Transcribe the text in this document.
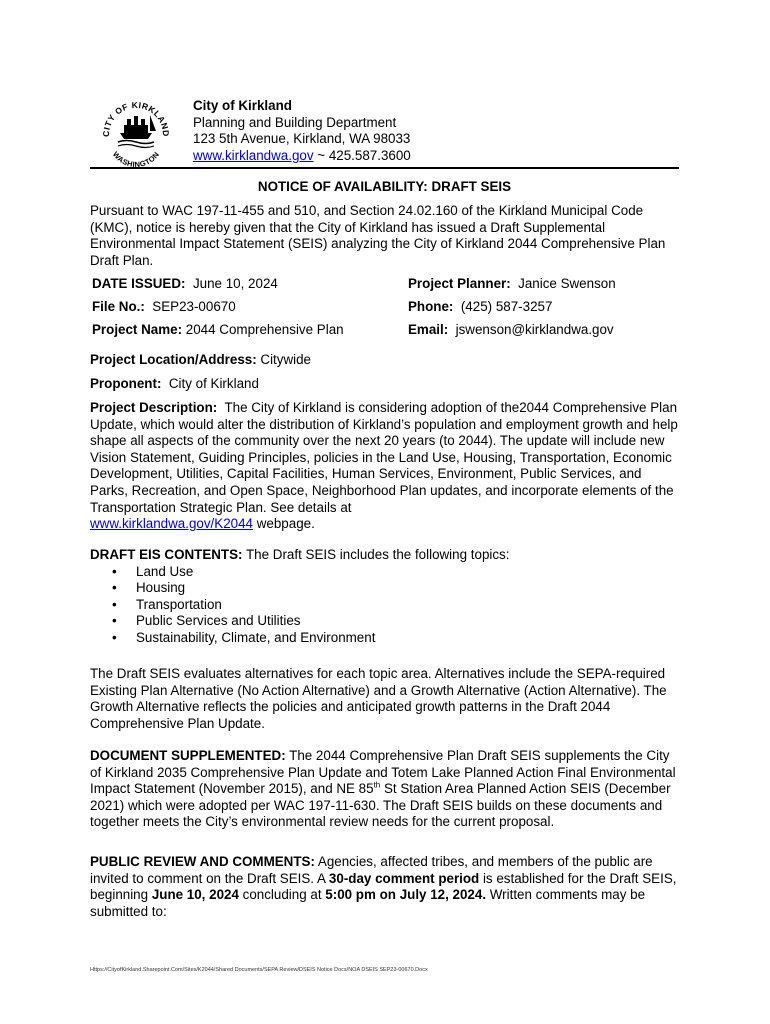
CITY OF KIRKLAND
WASHINGTON
City of Kirkland
Planning and Building Department
123 5th Avenue, Kirkland, WA 98033
www.kirklandwa.gov ~ 425.587.3600
NOTICE OF AVAILABILITY: DRAFT SEIS
Pursuant to WAC 197-11-455 and 510, and Section 24.02.160 of the Kirkland Municipal Code (KMC), notice is hereby given that the City of Kirkland has issued a Draft Supplemental Environmental Impact Statement (SEIS) analyzing the City of Kirkland 2044 Comprehensive Plan Draft Plan.
DATE ISSUED: June 10, 2024	Project Planner: Janice Swenson
File No.: SEP23-00670	Phone: (425) 587-3257
Project Name: 2044 Comprehensive Plan	Email: jswenson@kirklandwa.gov
Project Location/Address: Citywide
Proponent: City of Kirkland
Project Description: The City of Kirkland is considering adoption of the2044 Comprehensive Plan Update, which would alter the distribution of Kirkland’s population and employment growth and help shape all aspects of the community over the next 20 years (to 2044). The update will include new Vision Statement, Guiding Principles, policies in the Land Use, Housing, Transportation, Economic Development, Utilities, Capital Facilities, Human Services, Environment, Public Services, and Parks, Recreation, and Open Space, Neighborhood Plan updates, and incorporate elements of the Transportation Strategic Plan. See details at
www.kirklandwa.gov/K2044 webpage.
DRAFT EIS CONTENTS: The Draft SEIS includes the following topics:
• Land Use
• Housing
• Transportation
• Public Services and Utilities
• Sustainability, Climate, and Environment
The Draft SEIS evaluates alternatives for each topic area. Alternatives include the SEPA-required Existing Plan Alternative (No Action Alternative) and a Growth Alternative (Action Alternative). The Growth Alternative reflects the policies and anticipated growth patterns in the Draft 2044 Comprehensive Plan Update.
DOCUMENT SUPPLEMENTED: The 2044 Comprehensive Plan Draft SEIS supplements the City of Kirkland 2035 Comprehensive Plan Update and Totem Lake Planned Action Final Environmental Impact Statement (November 2015), and NE 85th St Station Area Planned Action SEIS (December 2021) which were adopted per WAC 197-11-630. The Draft SEIS builds on these documents and together meets the City’s environmental review needs for the current proposal.
PUBLIC REVIEW AND COMMENTS: Agencies, affected tribes, and members of the public are invited to comment on the Draft SEIS. A 30-day comment period is established for the Draft SEIS, beginning June 10, 2024 concluding at 5:00 pm on July 12, 2024. Written comments may be submitted to:
Https://CityofKirkland.Sharepoint.Com/Sites/K2044/Shared Documents/SEPA Review/DSEIS Notice Docs/NOA DSEIS SEP23-00670.Docx
